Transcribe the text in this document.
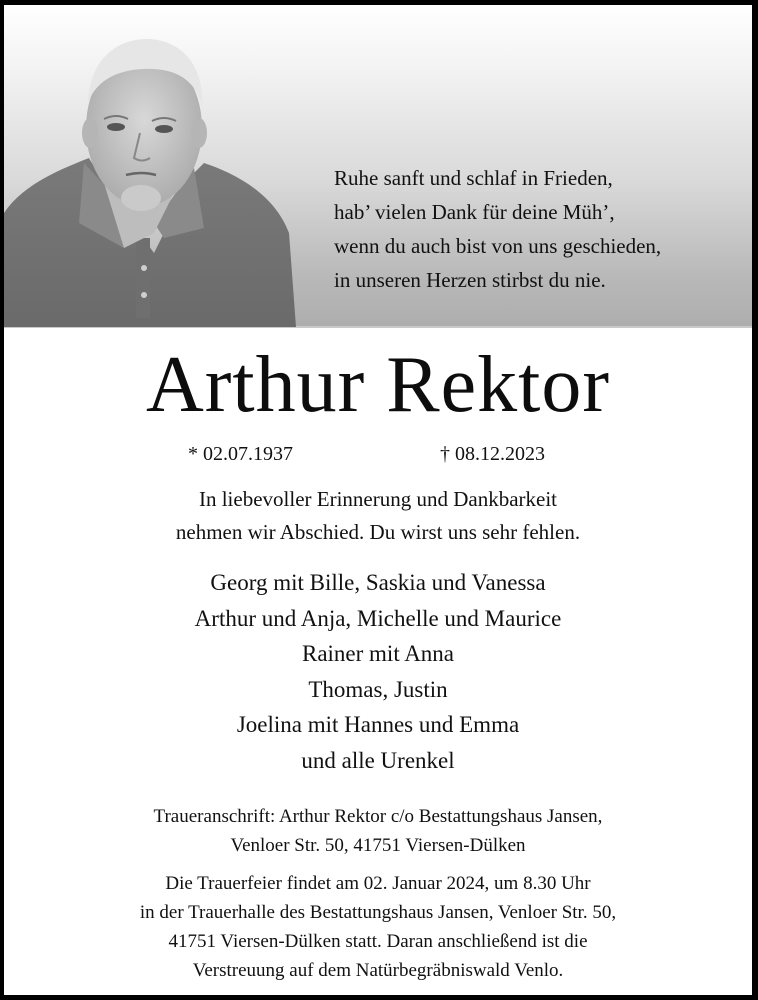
Ruhe sanft und schlaf in Frieden,
hab’ vielen Dank für deine Müh’,
wenn du auch bist von uns geschieden,
in unseren Herzen stirbst du nie.
Arthur Rektor
* 02.07.1937	† 08.12.2023
In liebevoller Erinnerung und Dankbarkeit
nehmen wir Abschied. Du wirst uns sehr fehlen.
Georg mit Bille, Saskia und Vanessa
Arthur und Anja, Michelle und Maurice
Rainer mit Anna
Thomas, Justin
Joelina mit Hannes und Emma
und alle Urenkel
Traueranschrift: Arthur Rektor c/o Bestattungshaus Jansen,
Venloer Str. 50, 41751 Viersen-Dülken
Die Trauerfeier findet am 02. Januar 2024, um 8.30 Uhr
in der Trauerhalle des Bestattungshaus Jansen, Venloer Str. 50,
41751 Viersen-Dülken statt. Daran anschließend ist die
Verstreuung auf dem Natürbegräbniswald Venlo.
